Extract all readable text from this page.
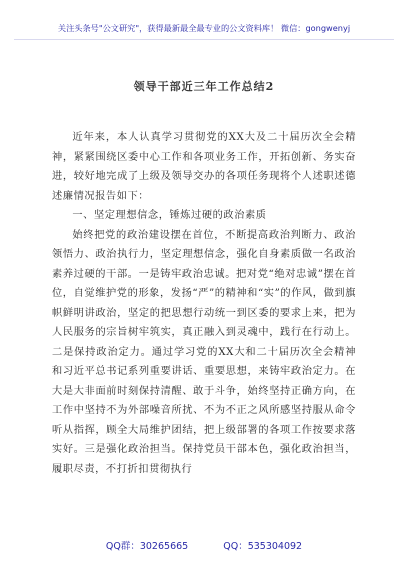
关注头条号"公文研究"，获得最新最全最专业的公文资料库！ 微信：gongwenyj
领导干部近三年工作总结2

近年来，本人认真学习贯彻党的XX大及二十届历次全会精神，紧紧围绕区委中心工作和各项业务工作，开拓创新、务实奋进，较好地完成了上级及领导交办的各项任务现将个人述职述德述廉情况报告如下：

一、坚定理想信念，锤炼过硬的政治素质

始终把党的政治建设摆在首位，不断提高政治判断力、政治领悟力、政治执行力，坚定理想信念，强化自身素质做一名政治素养过硬的干部。一是铸牢政治忠诚。把对党“绝对忠诚”摆在首位，自觉维护党的形象，发扬“严”的精神和“实”的作风，做到旗帜鲜明讲政治，坚定的把思想行动统一到区委的要求上来，把为人民服务的宗旨树牢筑实，真正融入到灵魂中，践行在行动上。二是保持政治定力。通过学习党的XX大和二十届历次全会精神和习近平总书记系列重要讲话、重要思想，来铸牢政治定力。在大是大非面前时刻保持清醒、敢于斗争，始终坚持正确方向，在工作中坚持不为外部噪音所扰、不为不正之风所感坚持服从命令听从指挥，顾全大局维护团结，把上级部署的各项工作按要求落实好。三是强化政治担当。保持党员干部本色，强化政治担当，履职尽责，不打折扣贯彻执行

QQ群：30265665	QQ：535304092
